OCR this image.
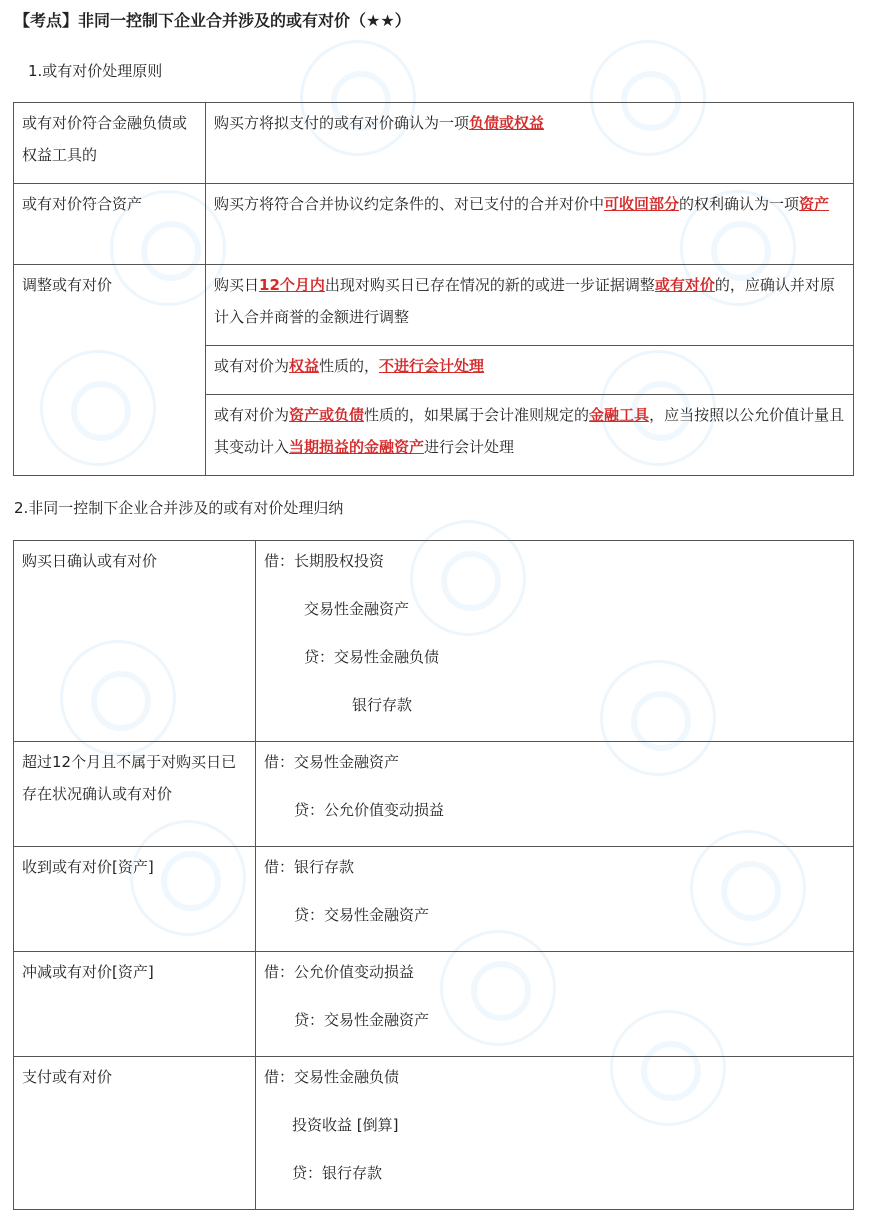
【考点】非同一控制下企业合并涉及的或有对价（★★）
1.或有对价处理原则
或有对价符合金融负债或权益工具的	购买方将拟支付的或有对价确认为一项负债或权益
或有对价符合资产	购买方将符合合并协议约定条件的、对已支付的合并对价中可收回部分的权利确认为一项资产
调整或有对价	购买日12个月内出现对购买日已存在情况的新的或进一步证据调整或有对价的，应确认并对原计入合并商誉的金额进行调整
	或有对价为权益性质的，不进行会计处理
	或有对价为资产或负债性质的，如果属于会计准则规定的金融工具，应当按照以公允价值计量且其变动计入当期损益的金融资产进行会计处理
2.非同一控制下企业合并涉及的或有对价处理归纳
购买日确认或有对价	借：长期股权投资
交易性金融资产
贷：交易性金融负债
银行存款

超过12个月且不属于对购买日已存在状况确认或有对价	借：交易性金融资产
贷：公允价值变动损益

收到或有对价[资产]	借：银行存款
贷：交易性金融资产

冲减或有对价[资产]	借：公允价值变动损益
贷：交易性金融资产

支付或有对价	借：交易性金融负债
投资收益 [倒算]
贷：银行存款
